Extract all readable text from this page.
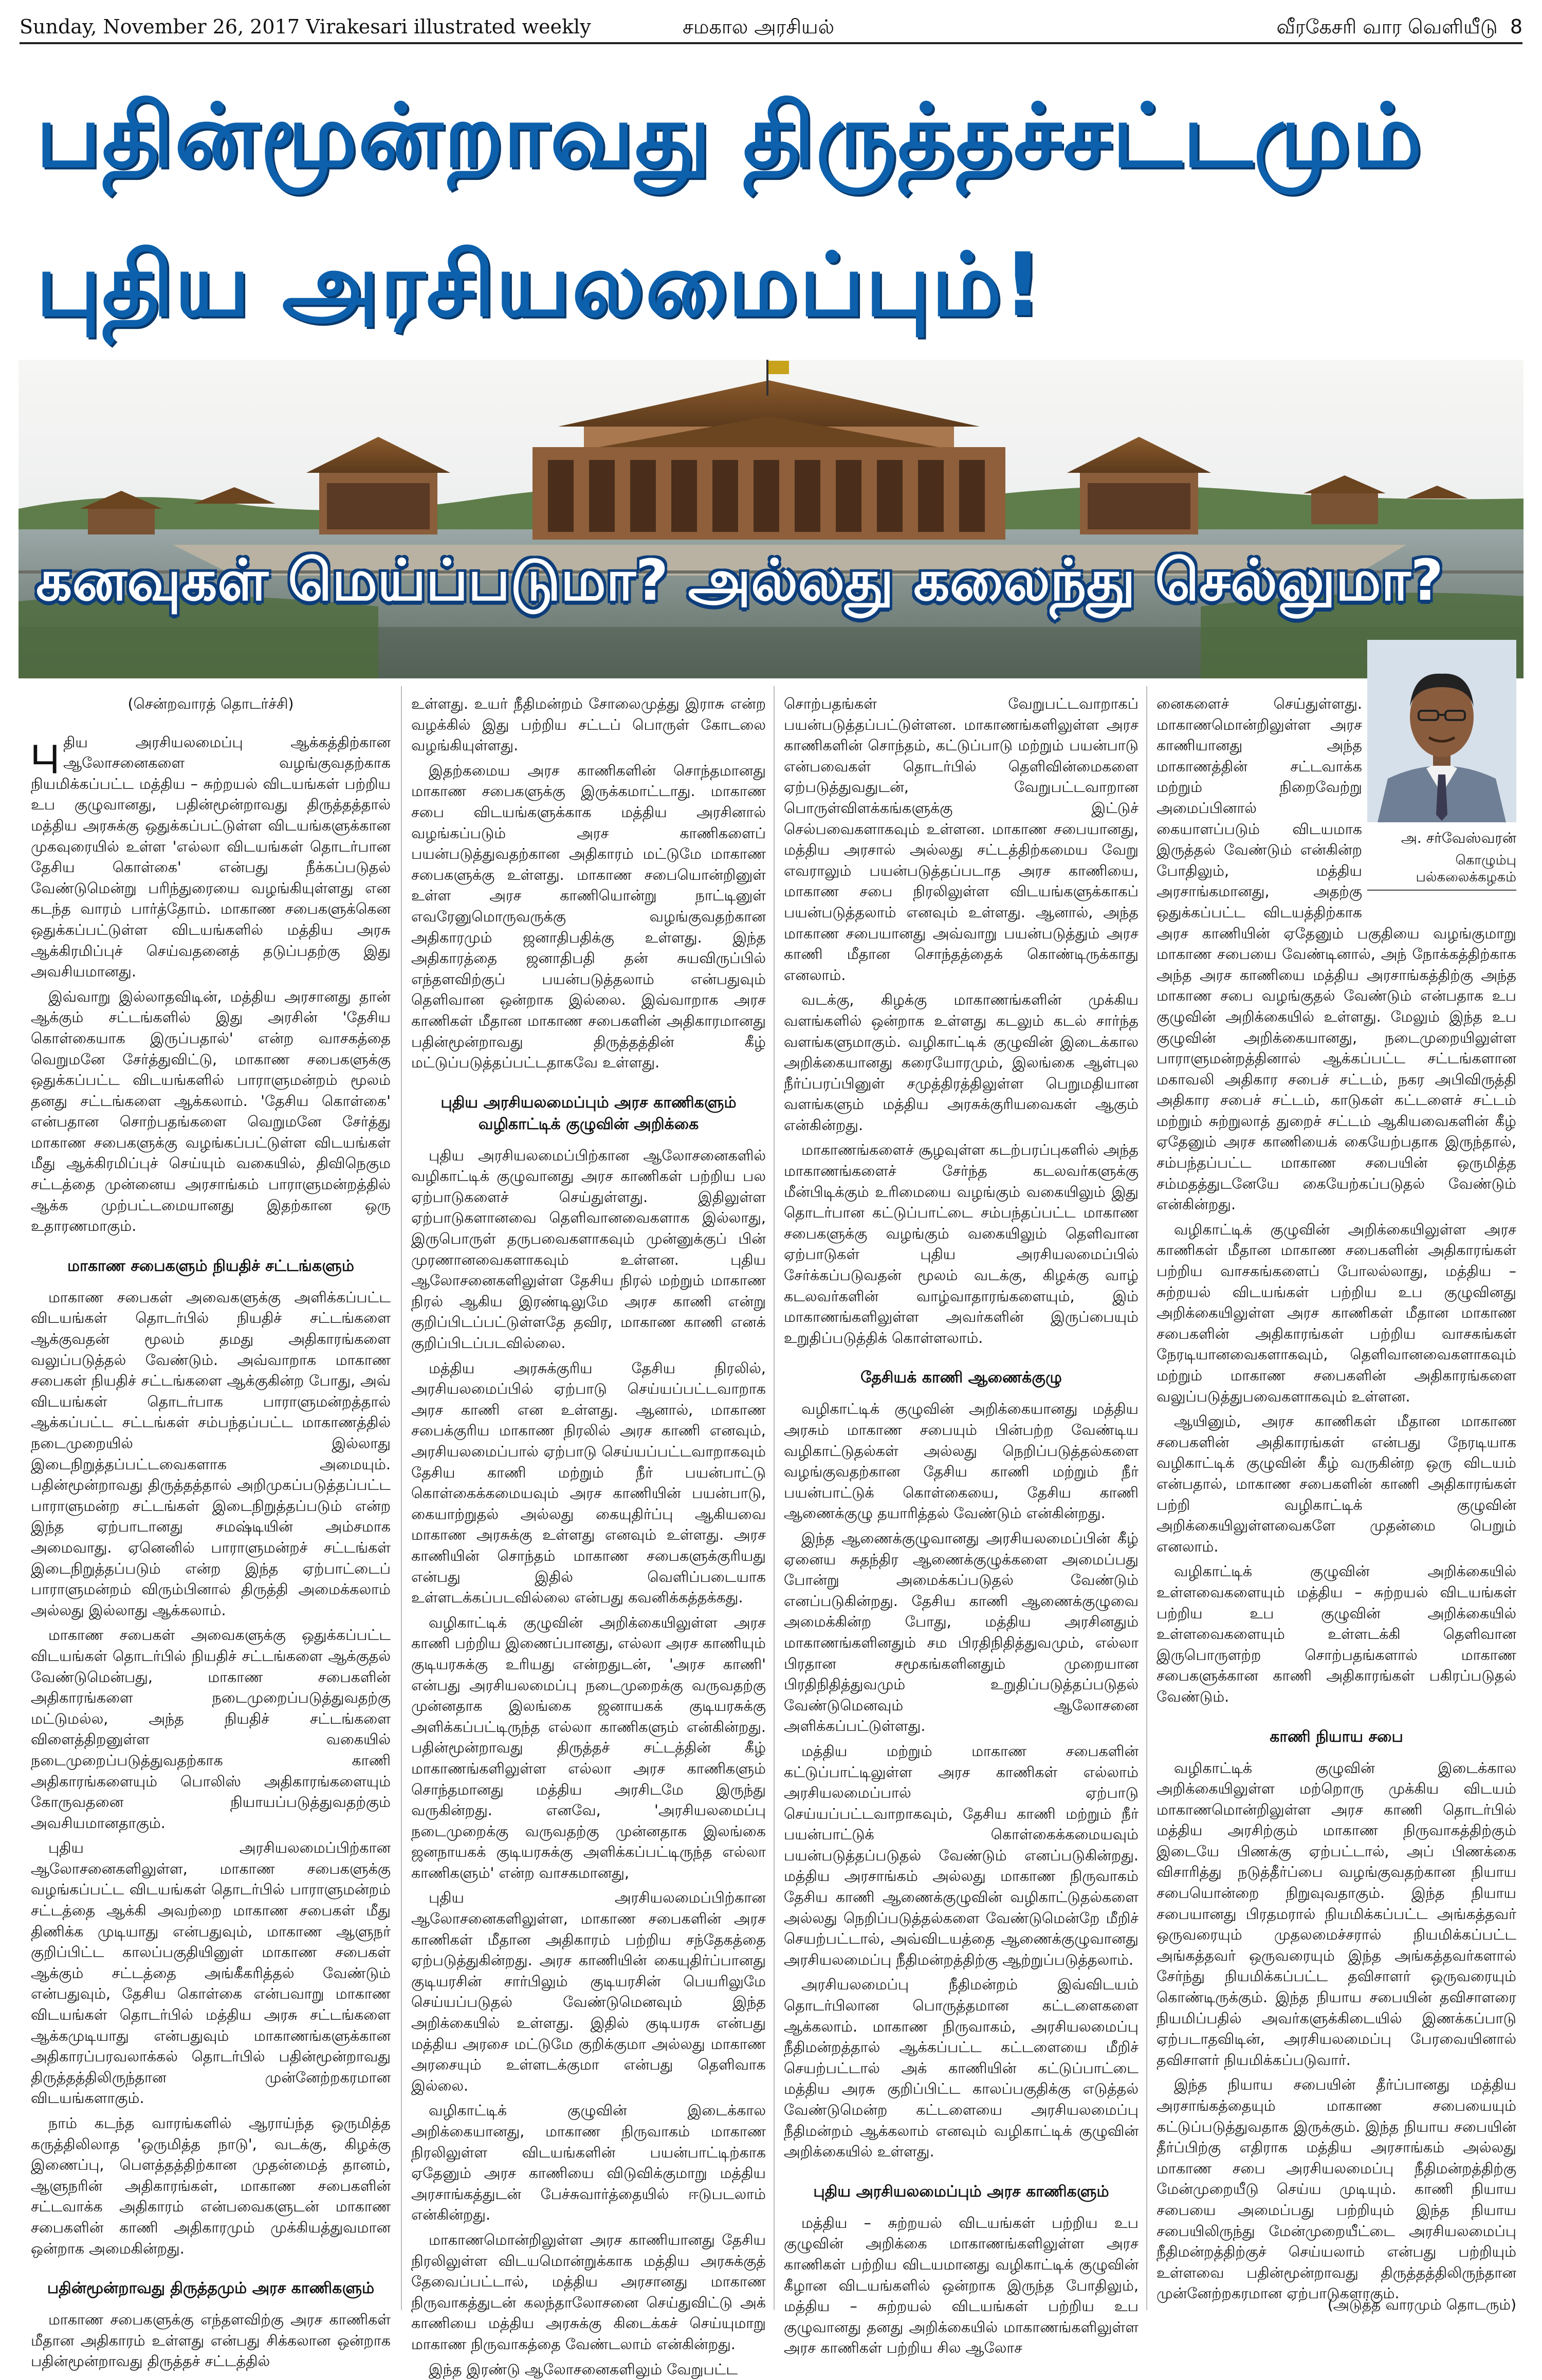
Sunday, November 26, 2017 Virakesari illustrated weekly	சமகால அரசியல்	வீரகேசரி வார வெளியீடு 8
பதின்மூன்றாவது திருத்தச்சட்டமும்
புதிய அரசியலமைப்பும்!
கனவுகள் மெய்ப்படுமா? அல்லது கலைந்து செல்லுமா?

(சென்றவாரத் தொடர்ச்சி)

புதிய அரசியலமைப்பு ஆக்கத்திற்கான ஆலோசனைகளை வழங்குவதற்காக நியமிக்கப்பட்ட மத்திய – சுற்றயல் விடயங்கள் பற்றிய உப குழுவானது, பதின்மூன்றாவது திருத்தத்தால் மத்திய அரசுக்கு ஒதுக்கப்பட்டுள்ள விடயங்களுக்கான முகவுரையில் உள்ள 'எல்லா விடயங்கள் தொடர்பான தேசிய கொள்கை' என்பது நீக்கப்படுதல் வேண்டுமென்று பரிந்துரையை வழங்கியுள்ளது என கடந்த வாரம் பார்த்தோம். மாகாண சபைகளுக்கென ஒதுக்கப்பட்டுள்ள விடயங்களில் மத்திய அரசு ஆக்கிரமிப்புச் செய்வதனைத் தடுப்பதற்கு இது அவசியமானது.

இவ்வாறு இல்லாதவிடின், மத்திய அரசானது தான் ஆக்கும் சட்டங்களில் இது அரசின் 'தேசிய கொள்கையாக இருப்பதால்' என்ற வாசகத்தை வெறுமனே சேர்த்துவிட்டு, மாகாண சபைகளுக்கு ஒதுக்கப்பட்ட விடயங்களில் பாராளுமன்றம் மூலம் தனது சட்டங்களை ஆக்கலாம். 'தேசிய கொள்கை' என்பதான சொற்பதங்களை வெறுமனே சேர்த்து மாகாண சபைகளுக்கு வழங்கப்பட்டுள்ள விடயங்கள் மீது ஆக்கிரமிப்புச் செய்யும் வகையில், திவிநெகும சட்டத்தை முன்னைய அரசாங்கம் பாராளுமன்றத்தில் ஆக்க முற்பட்டமையானது இதற்கான ஒரு உதாரணமாகும்.

மாகாண சபைகளும் நியதிச் சட்டங்களும்

மாகாண சபைகள் அவைகளுக்கு அளிக்கப்பட்ட விடயங்கள் தொடர்பில் நியதிச் சட்டங்களை ஆக்குவதன் மூலம் தமது அதிகாரங்களை வலுப்படுத்தல் வேண்டும். அவ்வாறாக மாகாண சபைகள் நியதிச் சட்டங்களை ஆக்குகின்ற போது, அவ் விடயங்கள் தொடர்பாக பாராளுமன்றத்தால் ஆக்கப்பட்ட சட்டங்கள் சம்பந்தப்பட்ட மாகாணத்தில் நடைமுறையில் இல்லாது இடைநிறுத்தப்பட்டவைகளாக அமையும். பதின்மூன்றாவது திருத்தத்தால் அறிமுகப்படுத்தப்பட்ட பாராளுமன்ற சட்டங்கள் இடைநிறுத்தப்படும் என்ற இந்த ஏற்பாடானது சமஷ்டியின் அம்சமாக அமைவாது. ஏனெனில் பாராளுமன்றச் சட்டங்கள் இடைநிறுத்தப்படும் என்ற இந்த ஏற்பாட்டைப் பாராளுமன்றம் விரும்பினால் திருத்தி அமைக்கலாம் அல்லது இல்லாது ஆக்கலாம்.

மாகாண சபைகள் அவைகளுக்கு ஒதுக்கப்பட்ட விடயங்கள் தொடர்பில் நியதிச் சட்டங்களை ஆக்குதல் வேண்டுமென்பது, மாகாண சபைகளின் அதிகாரங்களை நடைமுறைப்படுத்துவதற்கு மட்டுமல்ல, அந்த நியதிச் சட்டங்களை விளைத்திறனுள்ள வகையில் நடைமுறைப்படுத்துவதற்காக காணி அதிகாரங்களையும் பொலிஸ் அதிகாரங்களையும் கோருவதனை நியாயப்படுத்துவதற்கும் அவசியமானதாகும்.

புதிய அரசியலமைப்பிற்கான ஆலோசனைகளிலுள்ள, மாகாண சபைகளுக்கு வழங்கப்பட்ட விடயங்கள் தொடர்பில் பாராளுமன்றம் சட்டத்தை ஆக்கி அவற்றை மாகாண சபைகள் மீது திணிக்க முடியாது என்பதுவும், மாகாண ஆளுநர் குறிப்பிட்ட காலப்பகுதியினுள் மாகாண சபைகள் ஆக்கும் சட்டத்தை அங்கீகரித்தல் வேண்டும் என்பதுவும், தேசிய கொள்கை என்பவாறு மாகாண விடயங்கள் தொடர்பில் மத்திய அரசு சட்டங்களை ஆக்கமுடியாது என்பதுவும் மாகாணங்களுக்கான அதிகாரப்பரவலாக்கல் தொடர்பில் பதின்மூன்றாவது திருத்தத்திலிருந்தான முன்னேற்றகரமான விடயங்களாகும்.

நாம் கடந்த வாரங்களில் ஆராய்ந்த ஒருமித்த கருத்திலிலாத 'ஒருமித்த நாடு', வடக்கு, கிழக்கு இணைப்பு, பௌத்தத்திற்கான முதன்மைத் தானம், ஆளுநரின் அதிகாரங்கள், மாகாண சபைகளின் சட்டவாக்க அதிகாரம் என்பவைகளுடன் மாகாண சபைகளின் காணி அதிகாரமும் முக்கியத்துவமான ஒன்றாக அமைகின்றது.

பதின்மூன்றாவது திருத்தமும் அரச காணிகளும்

மாகாண சபைகளுக்கு எந்தளவிற்கு அரச காணிகள் மீதான அதிகாரம் உள்ளது என்பது சிக்கலான ஒன்றாக பதின்மூன்றாவது திருத்தச் சட்டத்தில்

உள்ளது. உயர் நீதிமன்றம் சோலைமுத்து இராசு என்ற வழக்கில் இது பற்றிய சட்டப் பொருள் கோடலை வழங்கியுள்ளது.

இதற்கமைய அரச காணிகளின் சொந்தமானது மாகாண சபைகளுக்கு இருக்கமாட்டாது. மாகாண சபை விடயங்களுக்காக மத்திய அரசினால் வழங்கப்படும் அரச காணிகளைப் பயன்படுத்துவதற்கான அதிகாரம் மட்டுமே மாகாண சபைகளுக்கு உள்ளது. மாகாண சபையொன்றினுள் உள்ள அரச காணியொன்று நாட்டினுள் எவரேனுமொருவருக்கு வழங்குவதற்கான அதிகாரமும் ஜனாதிபதிக்கு உள்ளது. இந்த அதிகாரத்தை ஜனாதிபதி தன் சுயவிருப்பில் எந்தளவிற்குப் பயன்படுத்தலாம் என்பதுவும் தெளிவான ஒன்றாக இல்லை. இவ்வாறாக அரச காணிகள் மீதான மாகாண சபைகளின் அதிகாரமானது பதின்மூன்றாவது திருத்தத்தின் கீழ் மட்டுப்படுத்தப்பட்டதாகவே உள்ளது.

புதிய அரசியலமைப்பும் அரச காணிகளும் வழிகாட்டிக் குழுவின் அறிக்கை

புதிய அரசியலமைப்பிற்கான ஆலோசனைகளில் வழிகாட்டிக் குழுவானது அரச காணிகள் பற்றிய பல ஏற்பாடுகளைச் செய்துள்ளது. இதிலுள்ள ஏற்பாடுகளானவை தெளிவானவைகளாக இல்லாது, இருபொருள் தருபவைகளாகவும் முன்னுக்குப் பின் முரணானவைகளாகவும் உள்ளன. புதிய ஆலோசனைகளிலுள்ள தேசிய நிரல் மற்றும் மாகாண நிரல் ஆகிய இரண்டிலுமே அரச காணி என்று குறிப்பிடப்பட்டுள்ளதே தவிர, மாகாண காணி எனக் குறிப்பிடப்படவில்லை.

மத்திய அரசுக்குரிய தேசிய நிரலில், அரசியலமைப்பில் ஏற்பாடு செய்யப்பட்டவாறாக அரச காணி என உள்ளது. ஆனால், மாகாண சபைக்குரிய மாகாண நிரலில் அரச காணி எனவும், அரசியலமைப்பால் ஏற்பாடு செய்யப்பட்டவாறாகவும் தேசிய காணி மற்றும் நீர் பயன்பாட்டு கொள்கைக்கமையவும் அரச காணியின் பயன்பாடு, கையாற்றுதல் அல்லது கையுதிர்ப்பு ஆகியவை மாகாண அரசுக்கு உள்ளது எனவும் உள்ளது. அரச காணியின் சொந்தம் மாகாண சபைகளுக்குரியது என்பது இதில் வெளிப்படையாக உள்ளடக்கப்படவில்லை என்பது கவனிக்கத்தக்கது.

வழிகாட்டிக் குழுவின் அறிக்கையிலுள்ள அரச காணி பற்றிய இணைப்பானது, எல்லா அரச காணியும் குடியரசுக்கு உரியது என்றதுடன், 'அரச காணி' என்பது அரசியலமைப்பு நடைமுறைக்கு வருவதற்கு முன்னதாக இலங்கை ஜனாயகக் குடியரசுக்கு அளிக்கப்பட்டிருந்த எல்லா காணிகளும் என்கின்றது. பதின்மூன்றாவது திருத்தச் சட்டத்தின் கீழ் மாகாணங்களிலுள்ள எல்லா அரச காணிகளும் சொந்தமானது மத்திய அரசிடமே இருந்து வருகின்றது. எனவே, 'அரசியலமைப்பு நடைமுறைக்கு வருவதற்கு முன்னதாக இலங்கை ஜனநாயகக் குடியரசுக்கு அளிக்கப்பட்டிருந்த எல்லா காணிகளும்' என்ற வாசகமானது,

புதிய அரசியலமைப்பிற்கான ஆலோசனைகளிலுள்ள, மாகாண சபைகளின் அரச காணிகள் மீதான அதிகாரம் பற்றிய சந்தேகத்தை ஏற்படுத்துகின்றது. அரச காணியின் கையுதிர்ப்பானது குடியரசின் சார்பிலும் குடியரசின் பெயரிலுமே செய்யப்படுதல் வேண்டுமெனவும் இந்த அறிக்கையில் உள்ளது. இதில் குடியரசு என்பது மத்திய அரசை மட்டுமே குறிக்குமா அல்லது மாகாண அரசையும் உள்ளடக்குமா என்பது தெளிவாக இல்லை.

வழிகாட்டிக் குழுவின் இடைக்கால அறிக்கையானது, மாகாண நிருவாகம் மாகாண நிரலிலுள்ள விடயங்களின் பயன்பாட்டிற்காக ஏதேனும் அரச காணியை விடுவிக்குமாறு மத்திய அரசாங்கத்துடன் பேச்சுவார்த்தையில் ஈடுபடலாம் என்கின்றது.

மாகாணமொன்றிலுள்ள அரச காணியானது தேசிய நிரலிலுள்ள விடயமொன்றுக்காக மத்திய அரசுக்குத் தேவைப்பட்டால், மத்திய அரசானது மாகாண நிருவாகத்துடன் கலந்தாலோசனை செய்துவிட்டு அக் காணியை மத்திய அரசுக்கு கிடைக்கச் செய்யுமாறு மாகாண நிருவாகத்தை வேண்டலாம் என்கின்றது.

இந்த இரண்டு ஆலோசனைகளிலும் வேறுபட்ட

சொற்பதங்கள் வேறுபட்டவாறாகப் பயன்படுத்தப்பட்டுள்ளன. மாகாணங்களிலுள்ள அரச காணிகளின் சொந்தம், கட்டுப்பாடு மற்றும் பயன்பாடு என்பவைகள் தொடர்பில் தெளிவின்மைகளை ஏற்படுத்துவதுடன், வேறுபட்டவாறான பொருள்விளக்கங்களுக்கு இட்டுச் செல்பவைகளாகவும் உள்ளன. மாகாண சபையானது, மத்திய அரசால் அல்லது சட்டத்திற்கமைய வேறு எவராலும் பயன்படுத்தப்படாத அரச காணியை, மாகாண சபை நிரலிலுள்ள விடயங்களுக்காகப் பயன்படுத்தலாம் எனவும் உள்ளது. ஆனால், அந்த மாகாண சபையானது அவ்வாறு பயன்படுத்தும் அரச காணி மீதான சொந்தத்தைக் கொண்டிருக்காது எனலாம்.

வடக்கு, கிழக்கு மாகாணங்களின் முக்கிய வளங்களில் ஒன்றாக உள்ளது கடலும் கடல் சார்ந்த வளங்களுமாகும். வழிகாட்டிக் குழுவின் இடைக்கால அறிக்கையானது கரையோரமும், இலங்கை ஆள்புல நீர்ப்பரப்பினுள் சமுத்திரத்திலுள்ள பெறுமதியான வளங்களும் மத்திய அரசுக்குரியவைகள் ஆகும் என்கின்றது.

மாகாணங்களைச் சூழவுள்ள கடற்பரப்புகளில் அந்த மாகாணங்களைச் சேர்ந்த கடலவர்களுக்கு மீன்பிடிக்கும் உரிமையை வழங்கும் வகையிலும் இது தொடர்பான கட்டுப்பாட்டை சம்பந்தப்பட்ட மாகாண சபைகளுக்கு வழங்கும் வகையிலும் தெளிவான ஏற்பாடுகள் புதிய அரசியலமைப்பில் சேர்க்கப்படுவதன் மூலம் வடக்கு, கிழக்கு வாழ் கடலவர்களின் வாழ்வாதாரங்களையும், இம் மாகாணங்களிலுள்ள அவர்களின் இருப்பையும் உறுதிப்படுத்திக் கொள்ளலாம்.

தேசியக் காணி ஆணைக்குழு

வழிகாட்டிக் குழுவின் அறிக்கையானது மத்திய அரசும் மாகாண சபையும் பின்பற்ற வேண்டிய வழிகாட்டுதல்கள் அல்லது நெறிப்படுத்தல்களை வழங்குவதற்கான தேசிய காணி மற்றும் நீர் பயன்பாட்டுக் கொள்கையை, தேசிய காணி ஆணைக்குழு தயாரித்தல் வேண்டும் என்கின்றது.

இந்த ஆணைக்குழுவானது அரசியலமைப்பின் கீழ் ஏனைய சுதந்திர ஆணைக்குழுக்களை அமைப்பது போன்று அமைக்கப்படுதல் வேண்டும் எனப்படுகின்றது. தேசிய காணி ஆணைக்குழுவை அமைக்கின்ற போது, மத்திய அரசினதும் மாகாணங்களினதும் சம பிரதிநிதித்துவமும், எல்லா பிரதான சமூகங்களினதும் முறையான பிரதிநிதித்துவமும் உறுதிப்படுத்தப்படுதல் வேண்டுமெனவும் ஆலோசனை அளிக்கப்பட்டுள்ளது.

மத்திய மற்றும் மாகாண சபைகளின் கட்டுப்பாட்டிலுள்ள அரச காணிகள் எல்லாம் அரசியலமைப்பால் ஏற்பாடு செய்யப்பட்டவாறாகவும், தேசிய காணி மற்றும் நீர் பயன்பாட்டுக் கொள்கைக்கமையவும் பயன்படுத்தப்படுதல் வேண்டும் எனப்படுகின்றது. மத்திய அரசாங்கம் அல்லது மாகாண நிருவாகம் தேசிய காணி ஆணைக்குழுவின் வழிகாட்டுதல்களை அல்லது நெறிப்படுத்தல்களை வேண்டுமென்றே மீறிச் செயற்பட்டால், அவ்விடயத்தை ஆணைக்குழுவானது அரசியலமைப்பு நீதிமன்றத்திற்கு ஆற்றுப்படுத்தலாம்.

அரசியலமைப்பு நீதிமன்றம் இவ்விடயம் தொடர்பிலான பொருத்தமான கட்டளைகளை ஆக்கலாம். மாகாண நிருவாகம், அரசியலமைப்பு நீதிமன்றத்தால் ஆக்கப்பட்ட கட்டளையை மீறிச் செயற்பட்டால் அக் காணியின் கட்டுப்பாட்டை மத்திய அரசு குறிப்பிட்ட காலப்பகுதிக்கு எடுத்தல் வேண்டுமென்ற கட்டளையை அரசியலமைப்பு நீதிமன்றம் ஆக்கலாம் எனவும் வழிகாட்டிக் குழுவின் அறிக்கையில் உள்ளது.

புதிய அரசியலமைப்பும் அரச காணிகளும்

மத்திய – சுற்றயல் விடயங்கள் பற்றிய உப குழுவின் அறிக்கை மாகாணங்களிலுள்ள அரச காணிகள் பற்றிய விடயமானது வழிகாட்டிக் குழுவின் கீழான விடயங்களில் ஒன்றாக இருந்த போதிலும், மத்திய – சுற்றயல் விடயங்கள் பற்றிய உப குழுவானது தனது அறிக்கையில் மாகாணங்களிலுள்ள அரச காணிகள் பற்றிய சில ஆலோச

அ. சர்வேஸ்வரன்
கொழும்பு
பல்கலைக்கழகம்

னைகளைச் செய்துள்ளது. மாகாணமொன்றிலுள்ள அரச காணியானது அந்த மாகாணத்தின் சட்டவாக்க மற்றும் நிறைவேற்று அமைப்பினால் கையாளப்படும் விடயமாக இருத்தல் வேண்டும் என்கின்ற போதிலும், மத்திய அரசாங்கமானது, அதற்கு ஒதுக்கப்பட்ட விடயத்திற்காக அரச காணியின் ஏதேனும் பகுதியை வழங்குமாறு மாகாண சபையை வேண்டினால், அந் நோக்கத்திற்காக அந்த அரச காணியை மத்திய அரசாங்கத்திற்கு அந்த மாகாண சபை வழங்குதல் வேண்டும் என்பதாக உப குழுவின் அறிக்கையில் உள்ளது. மேலும் இந்த உப குழுவின் அறிக்கையானது, நடைமுறையிலுள்ள பாராளுமன்றத்தினால் ஆக்கப்பட்ட சட்டங்களான மகாவலி அதிகார சபைச் சட்டம், நகர அபிவிருத்தி அதிகார சபைச் சட்டம், காடுகள் கட்டளைச் சட்டம் மற்றும் சுற்றுலாத் துறைச் சட்டம் ஆகியவைகளின் கீழ் ஏதேனும் அரச காணியைக் கையேற்பதாக இருந்தால், சம்பந்தப்பட்ட மாகாண சபையின் ஒருமித்த சம்மதத்துடனேயே கையேற்கப்படுதல் வேண்டும் என்கின்றது.

வழிகாட்டிக் குழுவின் அறிக்கையிலுள்ள அரச காணிகள் மீதான மாகாண சபைகளின் அதிகாரங்கள் பற்றிய வாசகங்களைப் போலல்லாது, மத்திய – சுற்றயல் விடயங்கள் பற்றிய உப குழுவினது அறிக்கையிலுள்ள அரச காணிகள் மீதான மாகாண சபைகளின் அதிகாரங்கள் பற்றிய வாசகங்கள் நேரடியானவைகளாகவும், தெளிவானவைகளாகவும் மற்றும் மாகாண சபைகளின் அதிகாரங்களை வலுப்படுத்துபவைகளாகவும் உள்ளன.

ஆயினும், அரச காணிகள் மீதான மாகாண சபைகளின் அதிகாரங்கள் என்பது நேரடியாக வழிகாட்டிக் குழுவின் கீழ் வருகின்ற ஒரு விடயம் என்பதால், மாகாண சபைகளின் காணி அதிகாரங்கள் பற்றி வழிகாட்டிக் குழுவின் அறிக்கையிலுள்ளவைகளே முதன்மை பெறும் எனலாம்.

வழிகாட்டிக் குழுவின் அறிக்கையில் உள்ளவைகளையும் மத்திய – சுற்றயல் விடயங்கள் பற்றிய உப குழுவின் அறிக்கையில் உள்ளவைகளையும் உள்ளடக்கி தெளிவான இருபொருளற்ற சொற்பதங்களால் மாகாண சபைகளுக்கான காணி அதிகாரங்கள் பகிரப்படுதல் வேண்டும்.

காணி நியாய சபை

வழிகாட்டிக் குழுவின் இடைக்கால அறிக்கையிலுள்ள மற்றொரு முக்கிய விடயம் மாகாணமொன்றிலுள்ள அரச காணி தொடர்பில் மத்திய அரசிற்கும் மாகாண நிருவாகத்திற்கும் இடையே பிணக்கு ஏற்பட்டால், அப் பிணக்கை விசாரித்து நடுத்தீர்ப்பை வழங்குவதற்கான நியாய சபையொன்றை நிறுவுவதாகும். இந்த நியாய சபையானது பிரதமரால் நியமிக்கப்பட்ட அங்கத்தவர் ஒருவரையும் முதலமைச்சரால் நியமிக்கப்பட்ட அங்கத்தவர் ஒருவரையும் இந்த அங்கத்தவர்களால் சேர்ந்து நியமிக்கப்பட்ட தவிசாளர் ஒருவரையும் கொண்டிருக்கும். இந்த நியாய சபையின் தவிசாளரை நியமிப்பதில் அவர்களுக்கிடையில் இணக்கப்பாடு ஏற்படாதவிடின், அரசியலமைப்பு பேரவையினால் தவிசாளர் நியமிக்கப்படுவார்.

இந்த நியாய சபையின் தீர்ப்பானது மத்திய அரசாங்கத்தையும் மாகாண சபையையும் கட்டுப்படுத்துவதாக இருக்கும். இந்த நியாய சபையின் தீர்ப்பிற்கு எதிராக மத்திய அரசாங்கம் அல்லது மாகாண சபை அரசியலமைப்பு நீதிமன்றத்திற்கு மேன்முறையீடு செய்ய முடியும். காணி நியாய சபையை அமைப்பது பற்றியும் இந்த நியாய சபையிலிருந்து மேன்முறையீட்டை அரசியலமைப்பு நீதிமன்றத்திற்குச் செய்யலாம் என்பது பற்றியும் உள்ளவை பதின்மூன்றாவது திருத்தத்திலிருந்தான முன்னேற்றகரமான ஏற்பாடுகளாகும்.

(அடுத்த வாரமும் தொடரும்)
